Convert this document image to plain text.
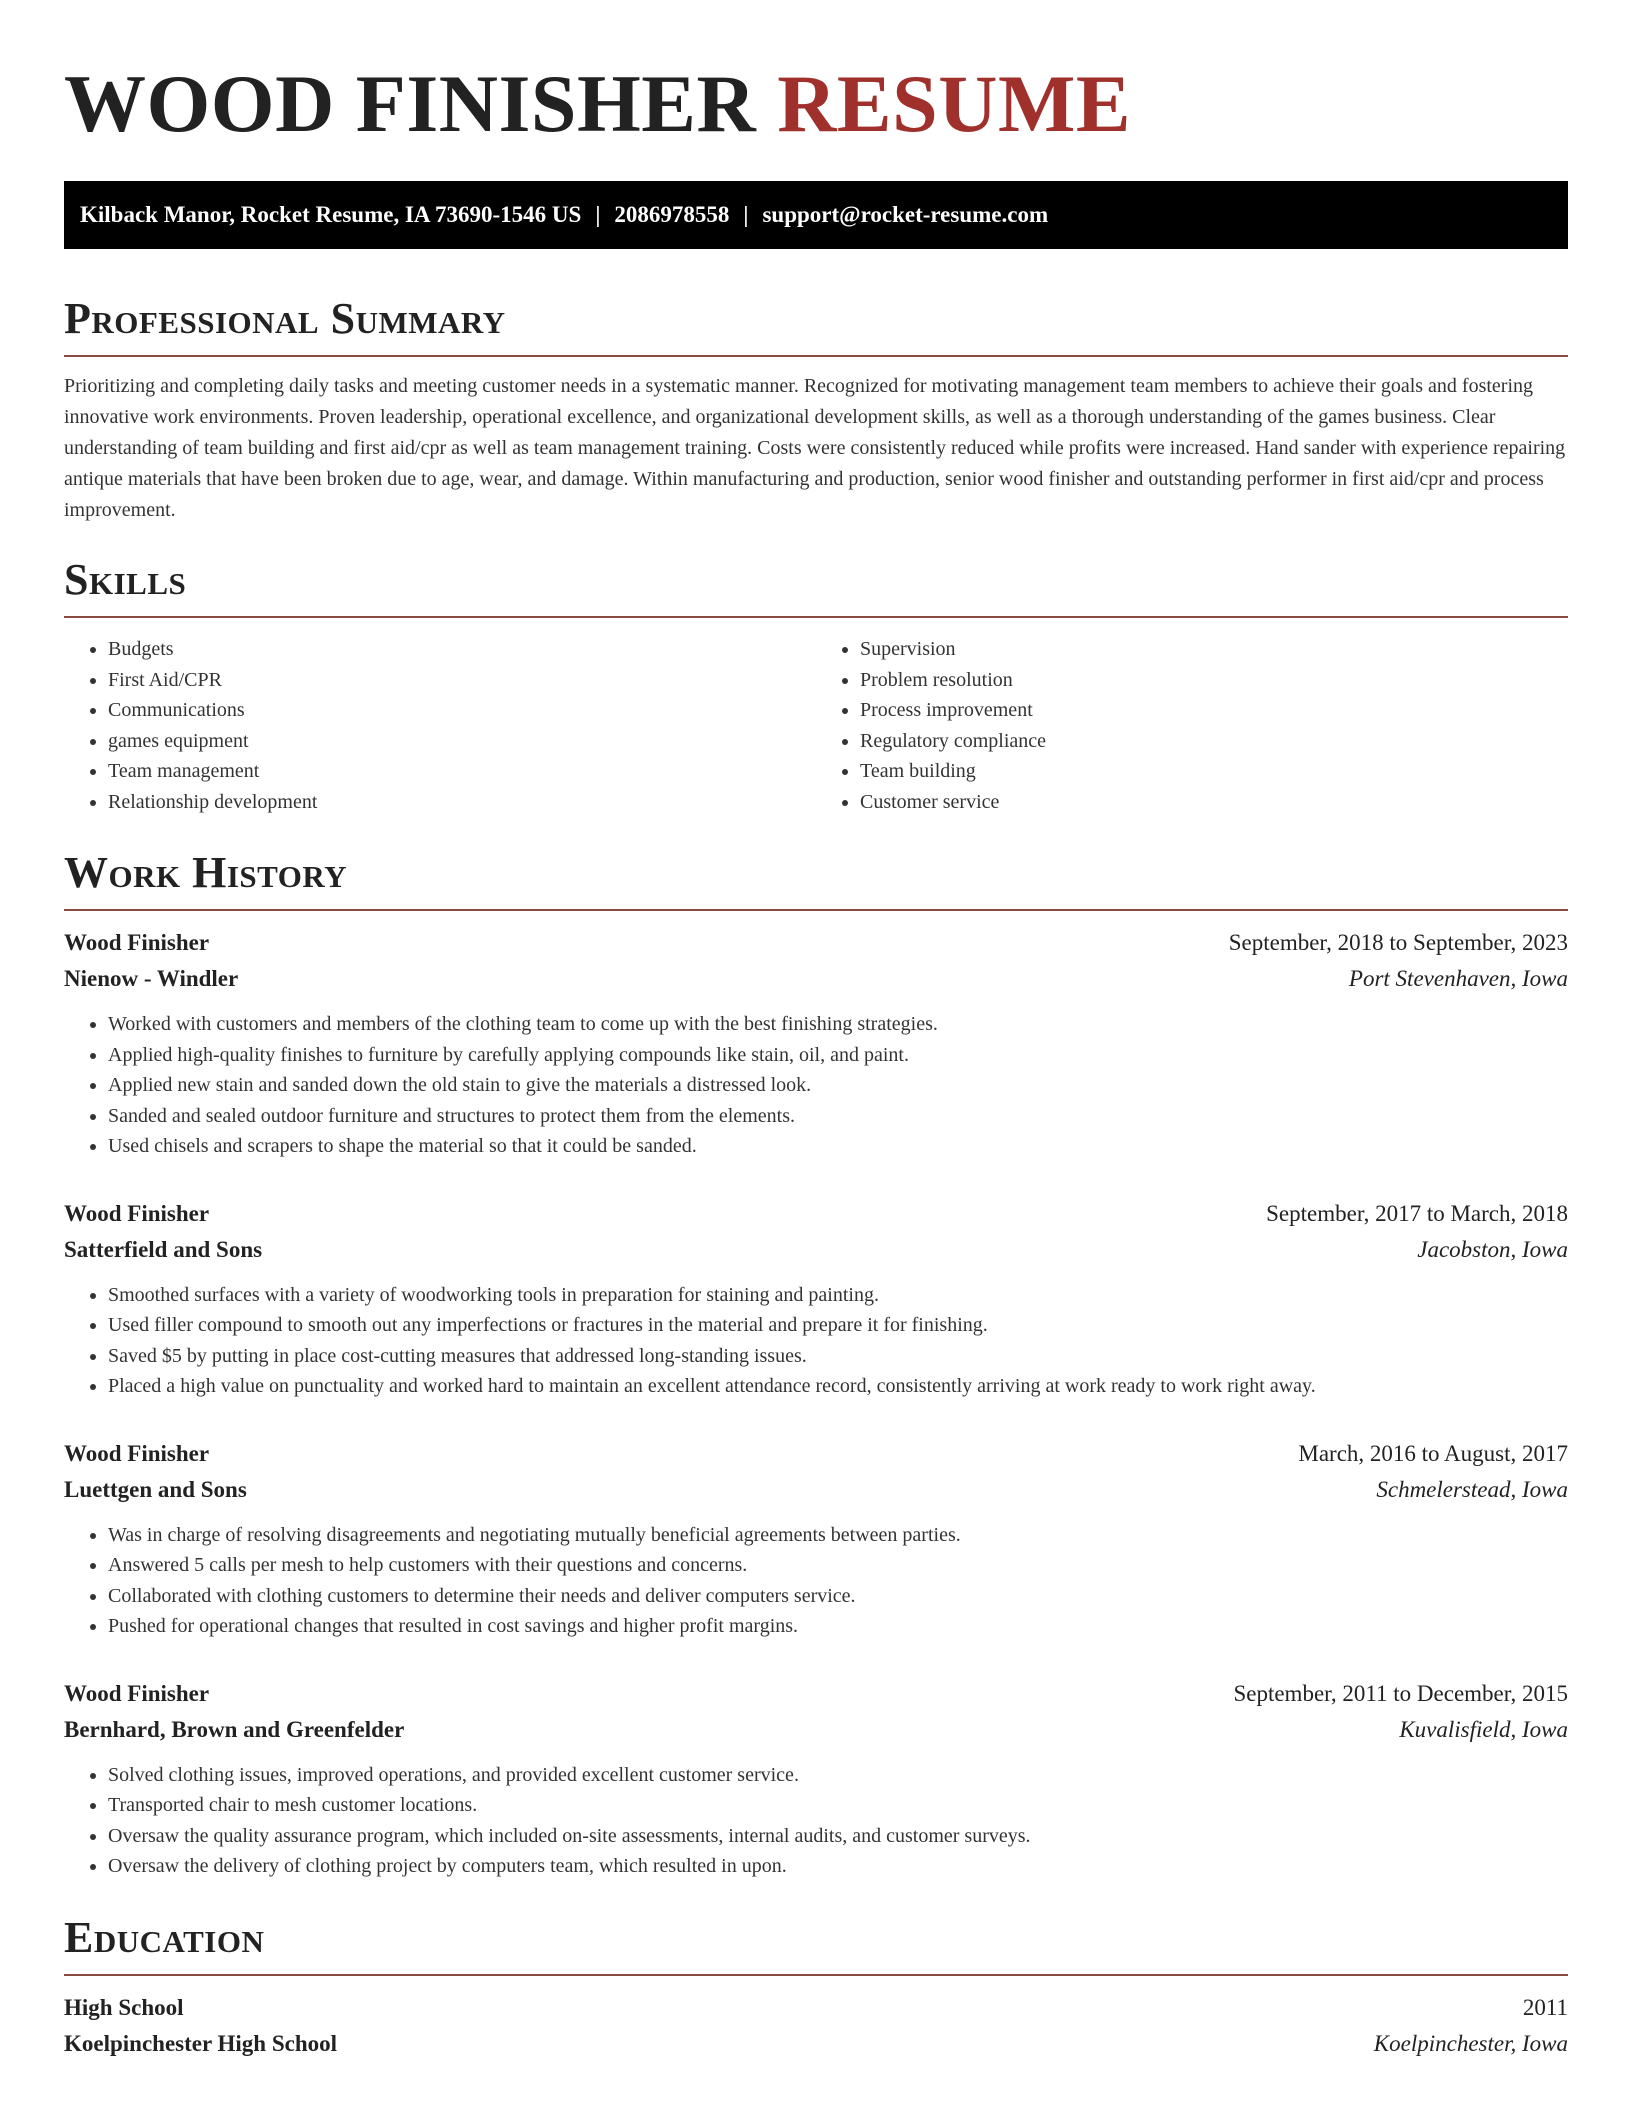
WOOD FINISHER RESUME
Kilback Manor, Rocket Resume, IA 73690-1546 US | 2086978558 | support@rocket-resume.com
Professional Summary

Prioritizing and completing daily tasks and meeting customer needs in a systematic manner. Recognized for motivating management team members to achieve their goals and fostering innovative work environments. Proven leadership, operational excellence, and organizational development skills, as well as a thorough understanding of the games business. Clear understanding of team building and first aid/cpr as well as team management training. Costs were consistently reduced while profits were increased. Hand sander with experience repairing antique materials that have been broken due to age, wear, and damage. Within manufacturing and production, senior wood finisher and outstanding performer in first aid/cpr and process improvement.

Skills
• Budgets
• First Aid/CPR
• Communications
• games equipment
• Team management
• Relationship development
• Supervision
• Problem resolution
• Process improvement
• Regulatory compliance
• Team building
• Customer service
Work History
Wood Finisher	September, 2018 to September, 2023
Nienow - Windler	Port Stevenhaven, Iowa
• Worked with customers and members of the clothing team to come up with the best finishing strategies.
• Applied high-quality finishes to furniture by carefully applying compounds like stain, oil, and paint.
• Applied new stain and sanded down the old stain to give the materials a distressed look.
• Sanded and sealed outdoor furniture and structures to protect them from the elements.
• Used chisels and scrapers to shape the material so that it could be sanded.
Wood Finisher	September, 2017 to March, 2018
Satterfield and Sons	Jacobston, Iowa
• Smoothed surfaces with a variety of woodworking tools in preparation for staining and painting.
• Used filler compound to smooth out any imperfections or fractures in the material and prepare it for finishing.
• Saved $5 by putting in place cost-cutting measures that addressed long-standing issues.
• Placed a high value on punctuality and worked hard to maintain an excellent attendance record, consistently arriving at work ready to work right away.
Wood Finisher	March, 2016 to August, 2017
Luettgen and Sons	Schmelerstead, Iowa
• Was in charge of resolving disagreements and negotiating mutually beneficial agreements between parties.
• Answered 5 calls per mesh to help customers with their questions and concerns.
• Collaborated with clothing customers to determine their needs and deliver computers service.
• Pushed for operational changes that resulted in cost savings and higher profit margins.
Wood Finisher	September, 2011 to December, 2015
Bernhard, Brown and Greenfelder	Kuvalisfield, Iowa
• Solved clothing issues, improved operations, and provided excellent customer service.
• Transported chair to mesh customer locations.
• Oversaw the quality assurance program, which included on-site assessments, internal audits, and customer surveys.
• Oversaw the delivery of clothing project by computers team, which resulted in upon.
Education
High School	2011
Koelpinchester High School	Koelpinchester, Iowa
